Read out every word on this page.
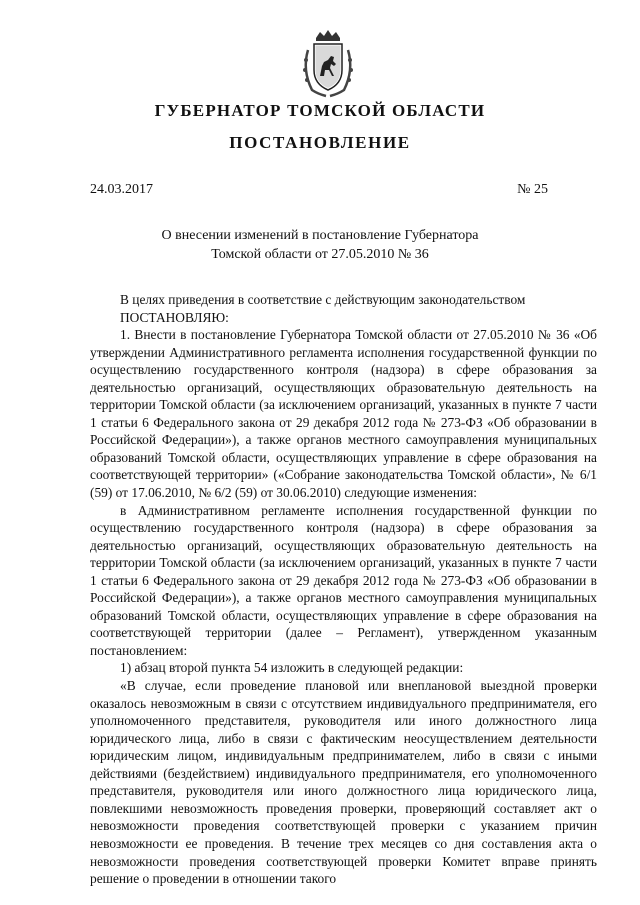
ГУБЕРНАТОР ТОМСКОЙ ОБЛАСТИ
ПОСТАНОВЛЕНИЕ
24.03.2017	№ 25
О внесении изменений в постановление Губернатора
Томской области от 27.05.2010 № 36

В целях приведения в соответствие с действующим законодательством

ПОСТАНОВЛЯЮ:

1. Внести в постановление Губернатора Томской области от 27.05.2010 № 36 «Об утверждении Административного регламента исполнения государственной функции по осуществлению государственного контроля (надзора) в сфере образования за деятельностью организаций, осуществляющих образовательную деятельность на территории Томской области (за исключением организаций, указанных в пункте 7 части 1 статьи 6 Федерального закона от 29 декабря 2012 года № 273-ФЗ «Об образовании в Российской Федерации»), а также органов местного самоуправления муниципальных образований Томской области, осуществляющих управление в сфере образования на соответствующей территории» («Собрание законодательства Томской области», № 6/1 (59) от 17.06.2010, № 6/2 (59) от 30.06.2010) следующие изменения:

в Административном регламенте исполнения государственной функции по осуществлению государственного контроля (надзора) в сфере образования за деятельностью организаций, осуществляющих образовательную деятельность на территории Томской области (за исключением организаций, указанных в пункте 7 части 1 статьи 6 Федерального закона от 29 декабря 2012 года № 273-ФЗ «Об образовании в Российской Федерации»), а также органов местного самоуправления муниципальных образований Томской области, осуществляющих управление в сфере образования на соответствующей территории (далее – Регламент), утвержденном указанным постановлением:

1) абзац второй пункта 54 изложить в следующей редакции:

«В случае, если проведение плановой или внеплановой выездной проверки оказалось невозможным в связи с отсутствием индивидуального предпринимателя, его уполномоченного представителя, руководителя или иного должностного лица юридического лица, либо в связи с фактическим неосуществлением деятельности юридическим лицом, индивидуальным предпринимателем, либо в связи с иными действиями (бездействием) индивидуального предпринимателя, его уполномоченного представителя, руководителя или иного должностного лица юридического лица, повлекшими невозможность проведения проверки, проверяющий составляет акт о невозможности проведения соответствующей проверки с указанием причин невозможности ее проведения. В течение трех месяцев со дня составления акта о невозможности проведения соответствующей проверки Комитет вправе принять решение о проведении в отношении такого
